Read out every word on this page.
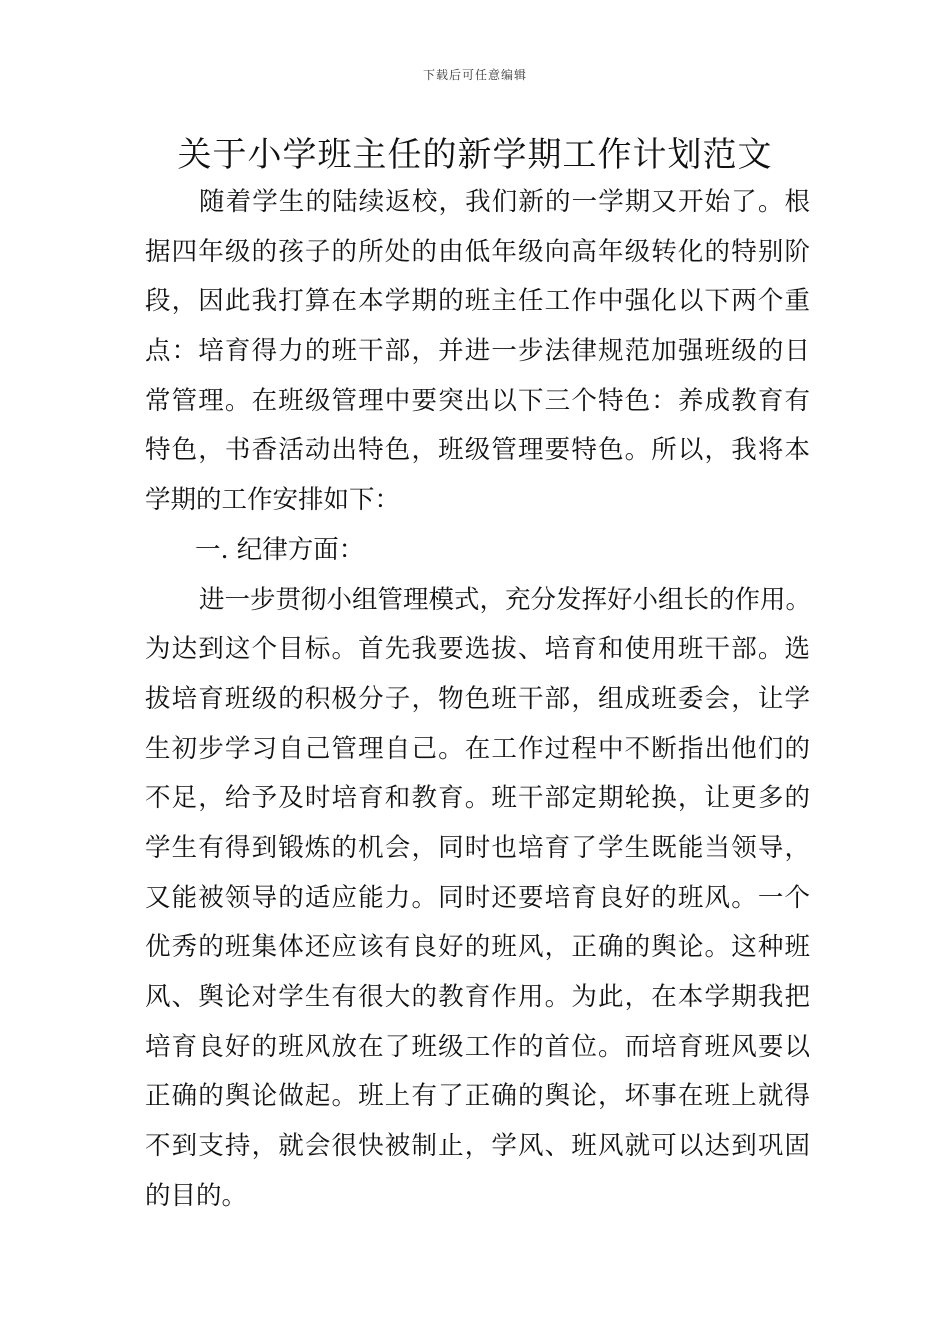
下载后可任意编辑
关于小学班主任的新学期工作计划范文
随着学生的陆续返校，我们新的一学期又开始了。根
据四年级的孩子的所处的由低年级向高年级转化的特别阶
段，因此我打算在本学期的班主任工作中强化以下两个重
点：培育得力的班干部，并进一步法律规范加强班级的日
常管理。在班级管理中要突出以下三个特色：养成教育有
特色，书香活动出特色，班级管理要特色。所以，我将本
学期的工作安排如下：
一. 纪律方面：
进一步贯彻小组管理模式，充分发挥好小组长的作用。
为达到这个目标。首先我要选拔、培育和使用班干部。选
拔培育班级的积极分子，物色班干部，组成班委会，让学
生初步学习自己管理自己。在工作过程中不断指出他们的
不足，给予及时培育和教育。班干部定期轮换，让更多的
学生有得到锻炼的机会，同时也培育了学生既能当领导，
又能被领导的适应能力。同时还要培育良好的班风。一个
优秀的班集体还应该有良好的班风，正确的舆论。这种班
风、舆论对学生有很大的教育作用。为此，在本学期我把
培育良好的班风放在了班级工作的首位。而培育班风要以
正确的舆论做起。班上有了正确的舆论，坏事在班上就得
不到支持，就会很快被制止，学风、班风就可以达到巩固
的目的。
